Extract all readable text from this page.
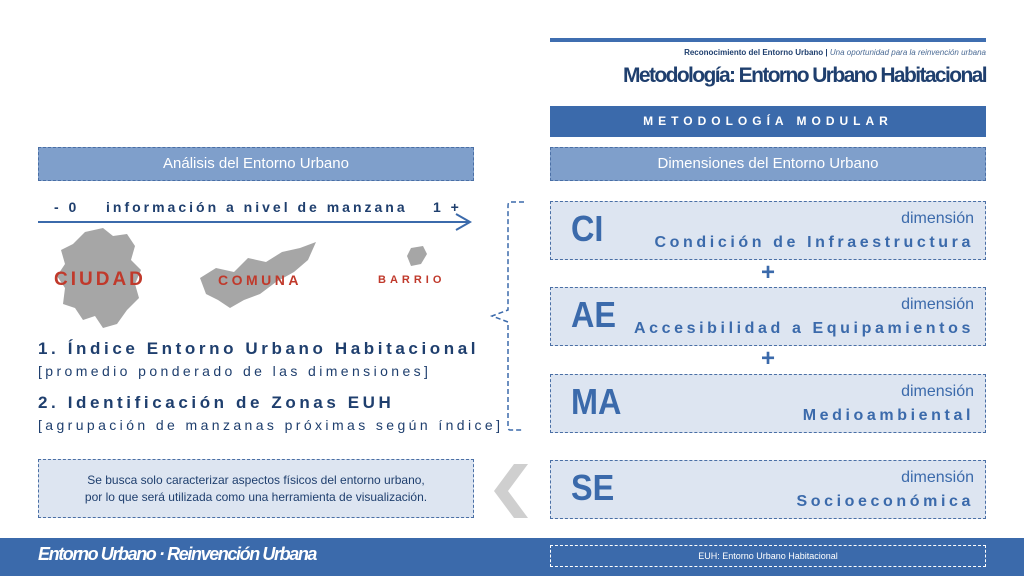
Reconocimiento del Entorno Urbano | Una oportunidad para la reinvención urbana
Metodología: Entorno Urbano Habitacional
METODOLOGÍA MODULAR
Análisis del Entorno Urbano
- 0 información a nivel de manzana 1 +
CIUDAD	COMUNA	BARRIO
1. Índice Entorno Urbano Habitacional
[promedio ponderado de las dimensiones]
2. Identificación de Zonas EUH
[agrupación de manzanas próximas según índice]
Se busca solo caracterizar aspectos físicos del entorno urbano,
por lo que será utilizada como una herramienta de visualización.
Dimensiones del Entorno Urbano
CI	dimensión
Condición de Infraestructura
+
AE	dimensión
Accesibilidad a Equipamientos
+
MA	dimensión
Medioambiental
SE	dimensión
Socioeconómica
Entorno Urbano · Reinvención Urbana	EUH: Entorno Urbano Habitacional
